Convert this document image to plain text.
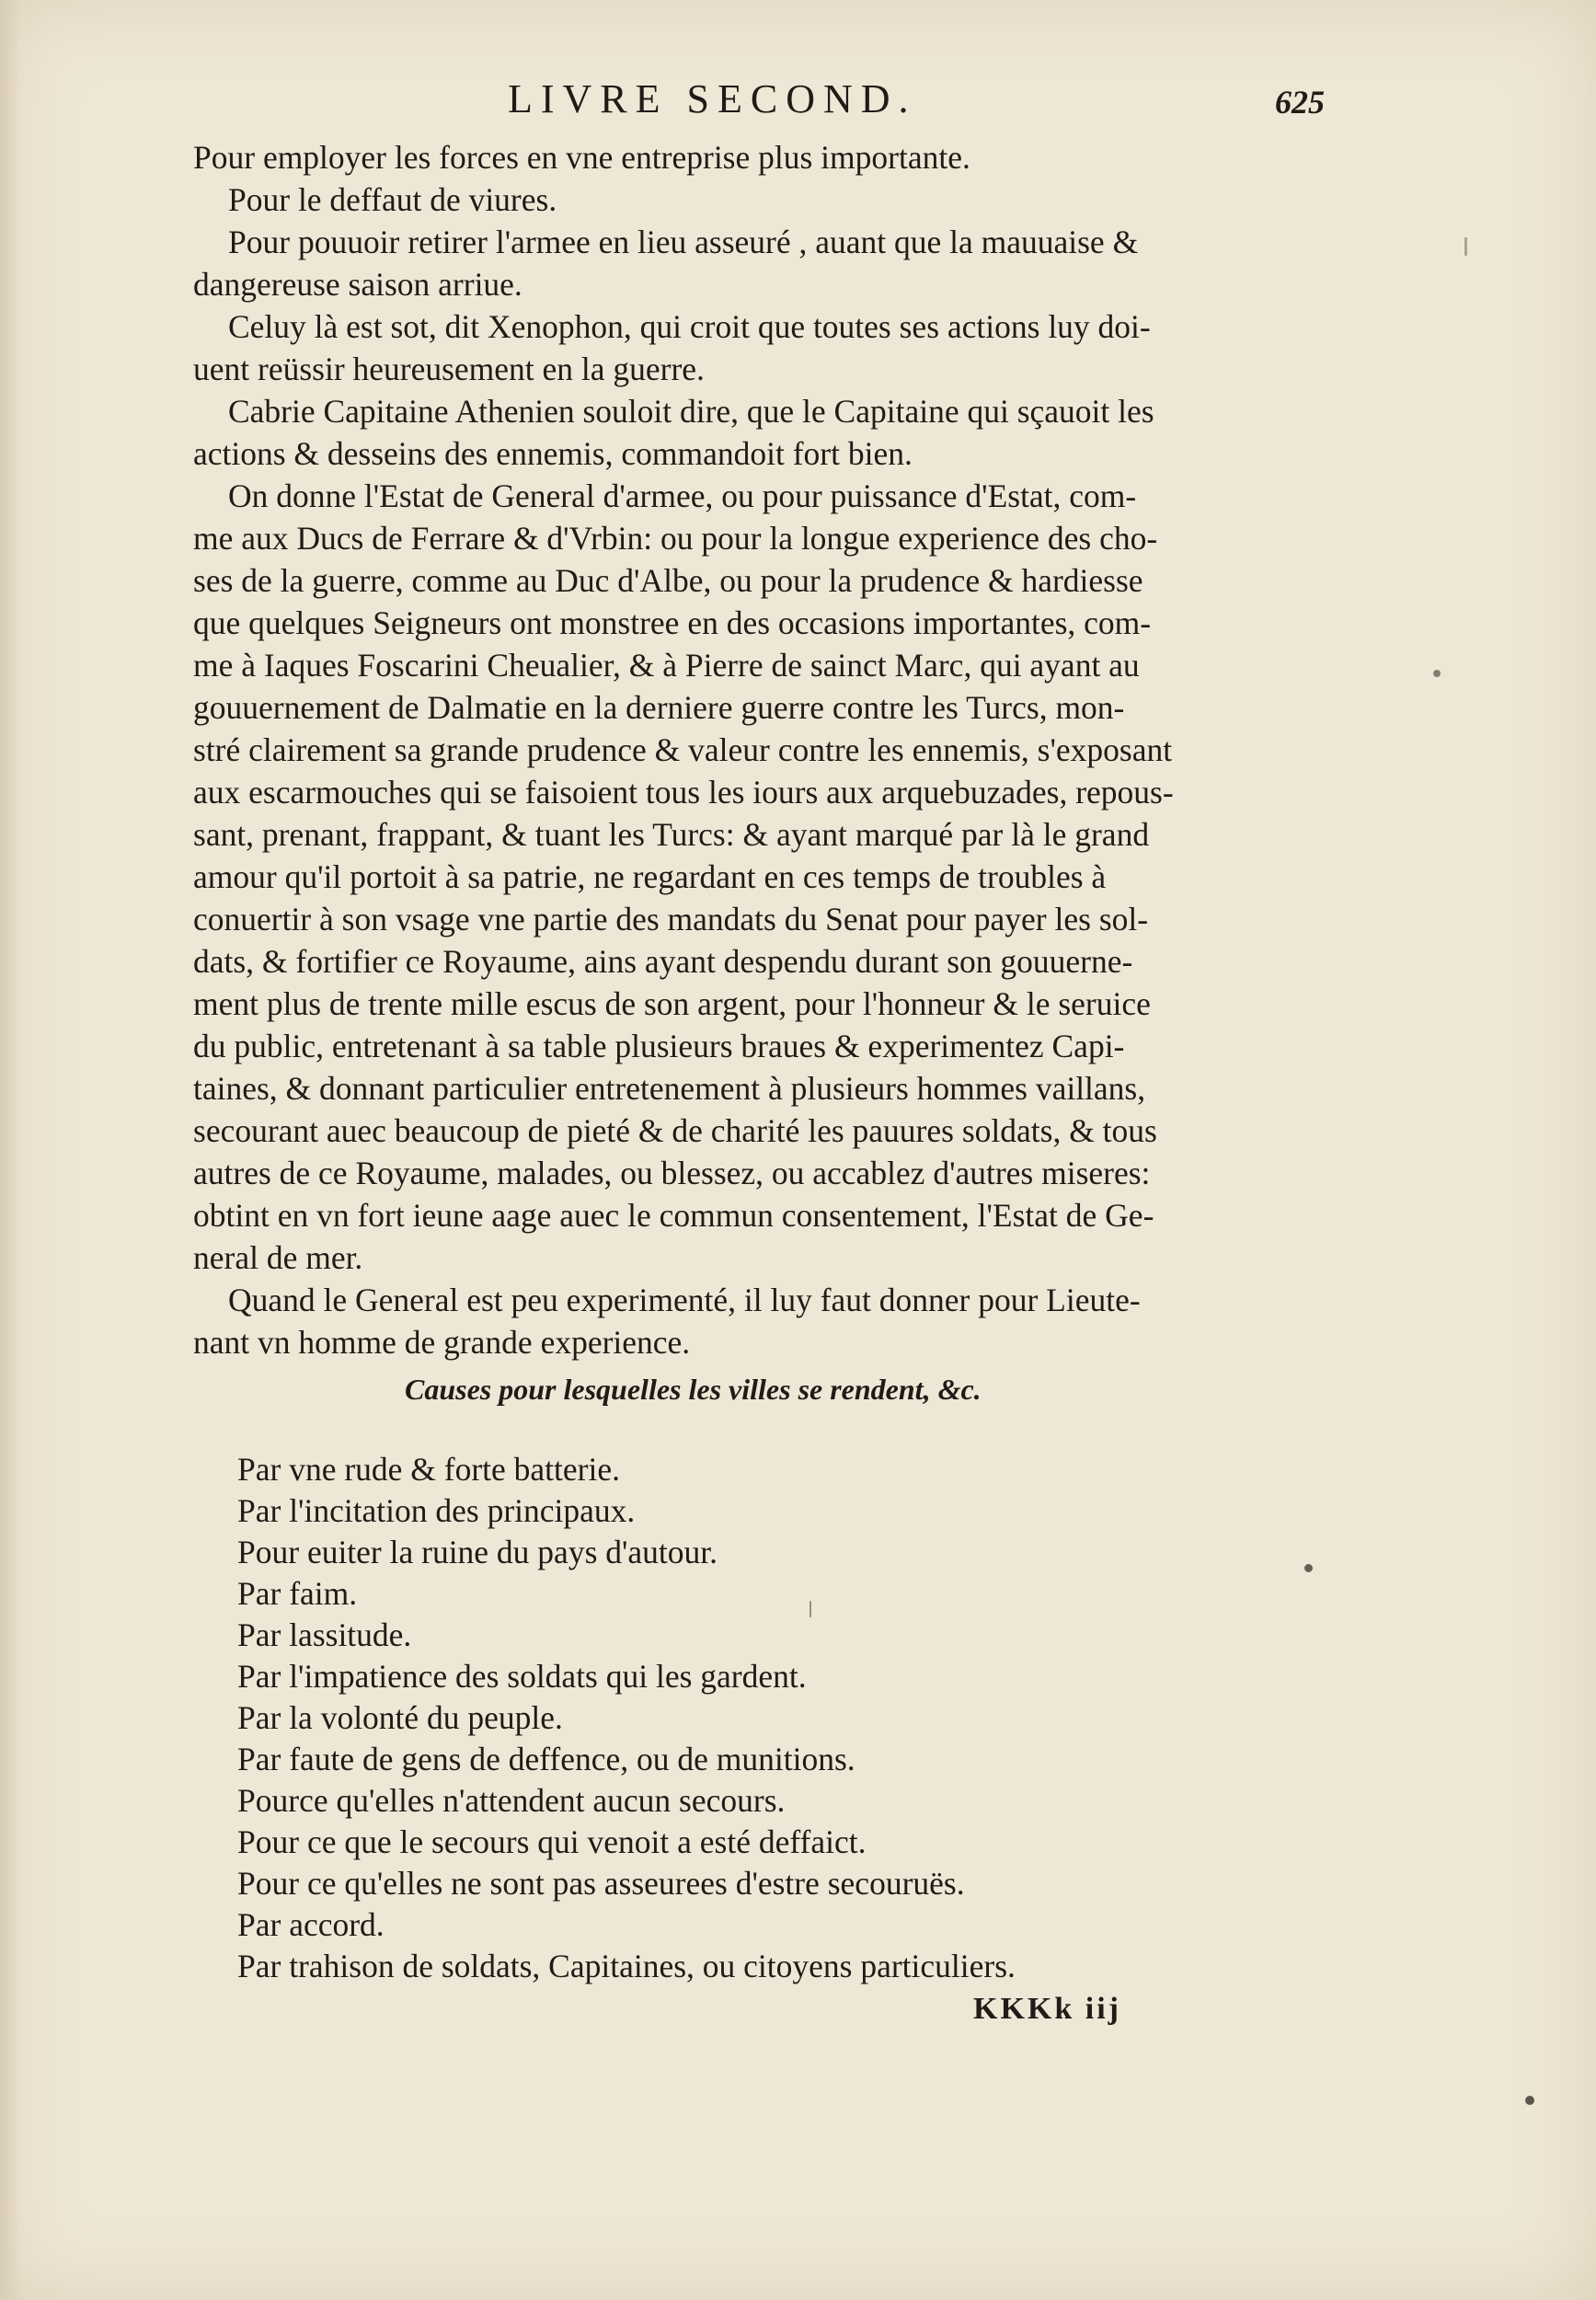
LIVRE SECOND.	625
Pour employer les forces en vne entreprise plus importante.
Pour le deffaut de viures.
Pour pouuoir retirer l'armee en lieu asseuré , auant que la mauuaise &
dangereuse saison arriue.
Celuy là est sot, dit Xenophon, qui croit que toutes ses actions luy doi-
uent reüssir heureusement en la guerre.
Cabrie Capitaine Athenien souloit dire, que le Capitaine qui sçauoit les
actions & desseins des ennemis, commandoit fort bien.
On donne l'Estat de General d'armee, ou pour puissance d'Estat, com-
me aux Ducs de Ferrare & d'Vrbin: ou pour la longue experience des cho-
ses de la guerre, comme au Duc d'Albe, ou pour la prudence & hardiesse
que quelques Seigneurs ont monstree en des occasions importantes, com-
me à Iaques Foscarini Cheualier, & à Pierre de sainct Marc, qui ayant au
gouuernement de Dalmatie en la derniere guerre contre les Turcs, mon-
stré clairement sa grande prudence & valeur contre les ennemis, s'exposant
aux escarmouches qui se faisoient tous les iours aux arquebuzades, repous-
sant, prenant, frappant, & tuant les Turcs: & ayant marqué par là le grand
amour qu'il portoit à sa patrie, ne regardant en ces temps de troubles à
conuertir à son vsage vne partie des mandats du Senat pour payer les sol-
dats, & fortifier ce Royaume, ains ayant despendu durant son gouuerne-
ment plus de trente mille escus de son argent, pour l'honneur & le seruice
du public, entretenant à sa table plusieurs braues & experimentez Capi-
taines, & donnant particulier entretenement à plusieurs hommes vaillans,
secourant auec beaucoup de pieté & de charité les pauures soldats, & tous
autres de ce Royaume, malades, ou blessez, ou accablez d'autres miseres:
obtint en vn fort ieune aage auec le commun consentement, l'Estat de Ge-
neral de mer.
Quand le General est peu experimenté, il luy faut donner pour Lieute-
nant vn homme de grande experience.
Causes pour lesquelles les villes se rendent, &c.
Par vne rude & forte batterie.
Par l'incitation des principaux.
Pour euiter la ruine du pays d'autour.
Par faim.
Par lassitude.
Par l'impatience des soldats qui les gardent.
Par la volonté du peuple.
Par faute de gens de deffence, ou de munitions.
Pource qu'elles n'attendent aucun secours.
Pour ce que le secours qui venoit a esté deffaict.
Pour ce qu'elles ne sont pas asseurees d'estre secouruës.
Par accord.
Par trahison de soldats, Capitaines, ou citoyens particuliers.
KKKk iij
